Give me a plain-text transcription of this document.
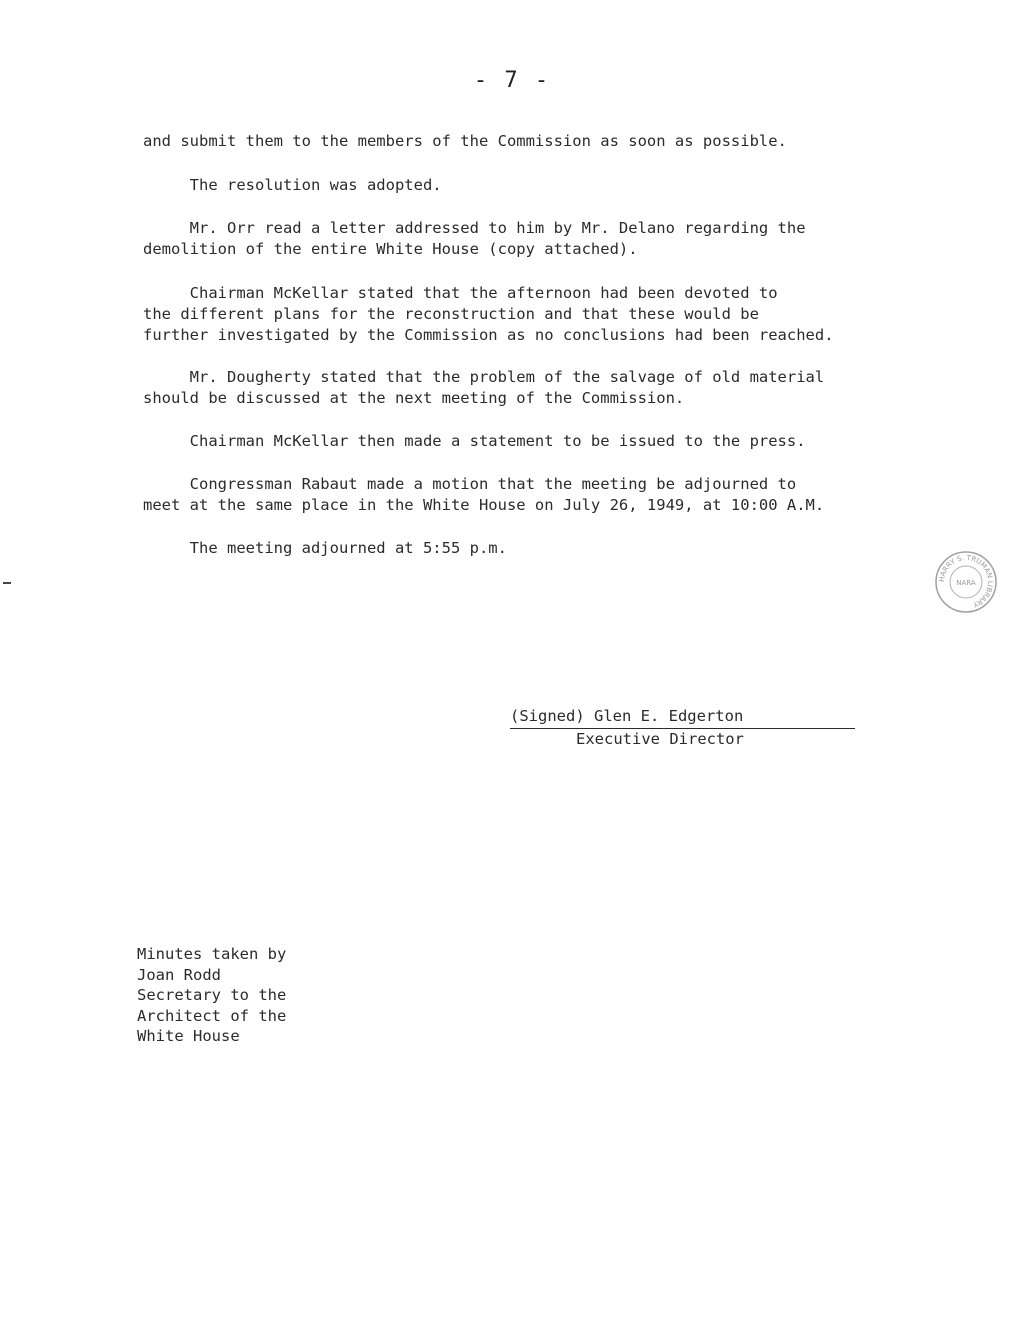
- 7 -
and submit them to the members of the Commission as soon as possible.
The resolution was adopted.
Mr. Orr read a letter addressed to him by Mr. Delano regarding the
demolition of the entire White House (copy attached).
Chairman McKellar stated that the afternoon had been devoted to
the different plans for the reconstruction and that these would be
further investigated by the Commission as no conclusions had been reached.
Mr. Dougherty stated that the problem of the salvage of old material
should be discussed at the next meeting of the Commission.
Chairman McKellar then made a statement to be issued to the press.
Congressman Rabaut made a motion that the meeting be adjourned to
meet at the same place in the White House on July 26, 1949, at 10:00 A.M.
The meeting adjourned at 5:55 p.m.
HARRY S. TRUMAN LIBRARY
NARA
(Signed) Glen E. Edgerton
Executive Director
Minutes taken by
Joan Rodd
Secretary to the
Architect of the
White House
